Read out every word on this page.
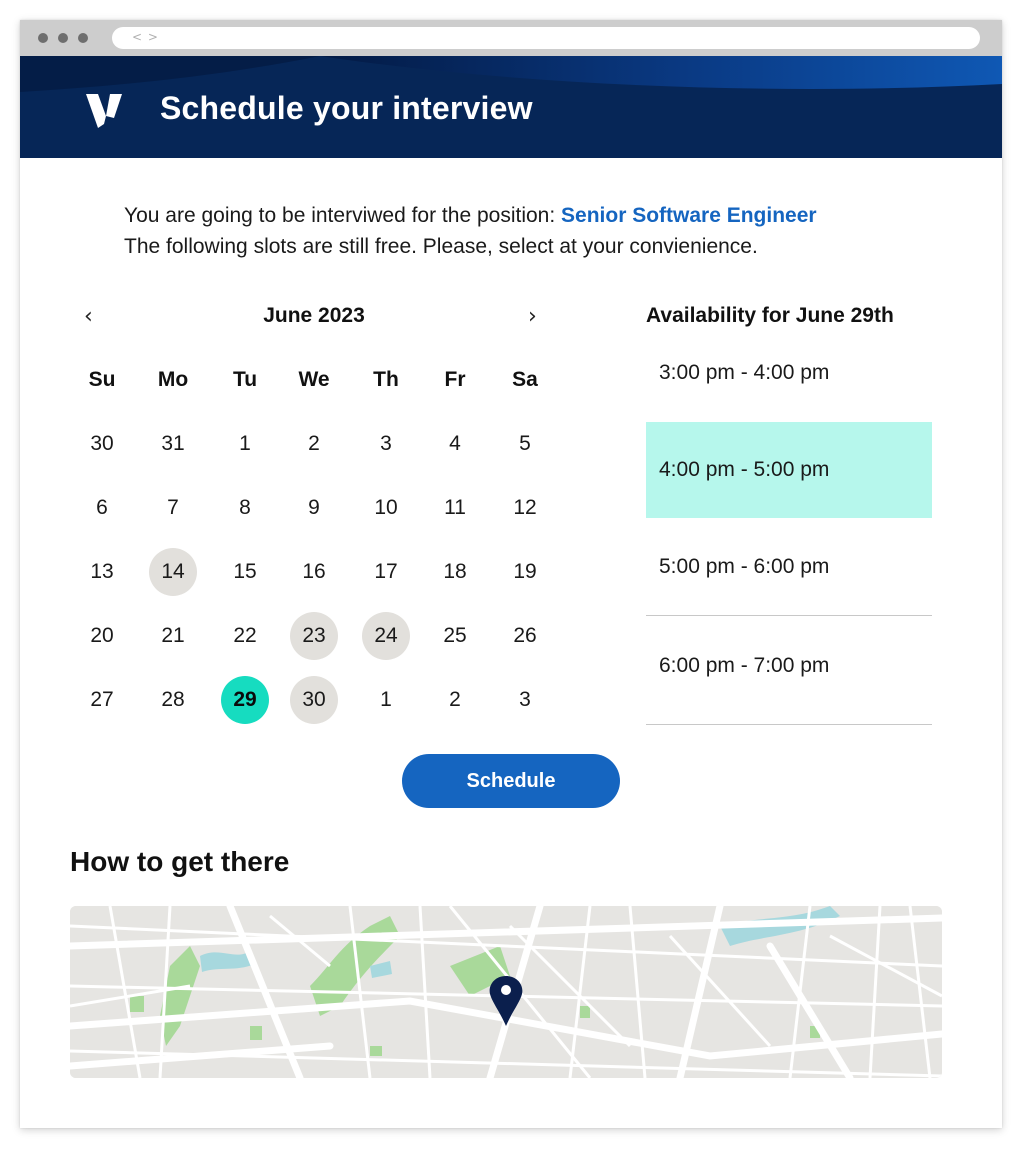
< >
Schedule your interview
You are going to be interviwed for the position: Senior Software Engineer
The following slots are still free. Please, select at your convienience.
‹	June 2023	›
Su	Mo	Tu	We	Th	Fr	Sa
30	31	1	2	3	4	5
6	7	8	9	10	11	12
13	14	15	16	17	18	19
20	21	22	23	24	25	26
27	28	29	30	1	2	3
Availability for June 29th
3:00 pm - 4:00 pm
4:00 pm - 5:00 pm
5:00 pm - 6:00 pm
6:00 pm - 7:00 pm
Schedule
How to get there
